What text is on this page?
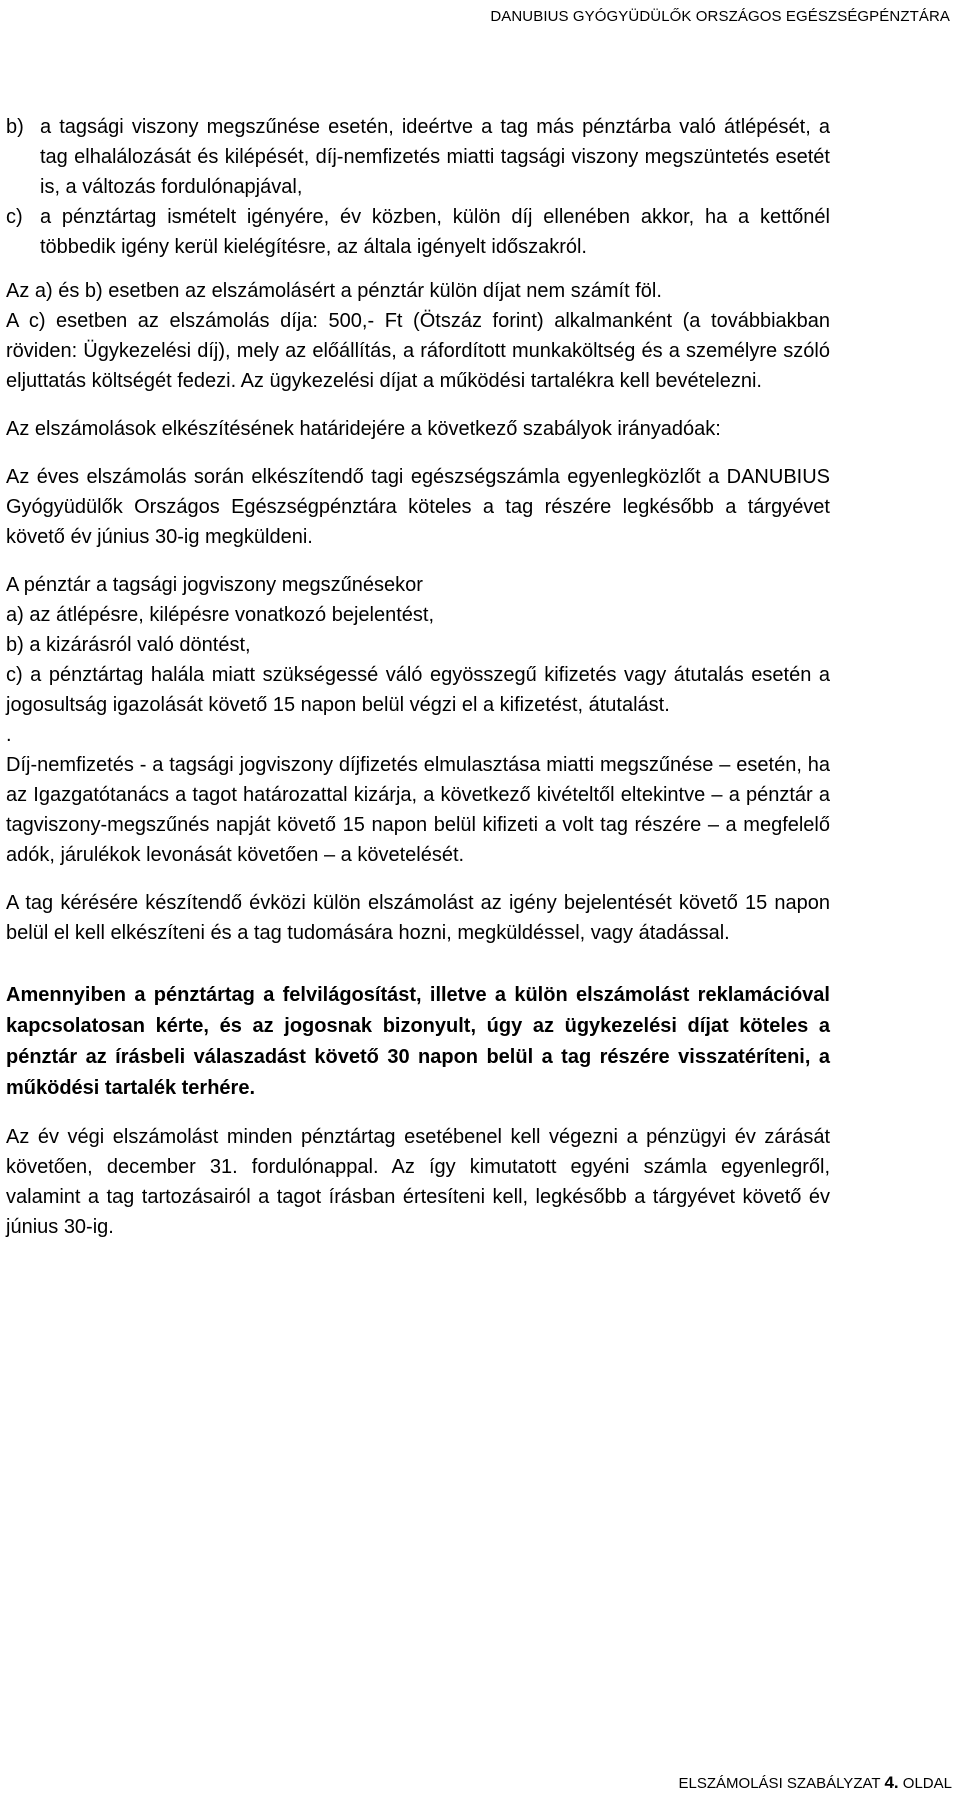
DANUBIUS GYÓGYÜDÜLŐK ORSZÁGOS EGÉSZSÉGPÉNZTÁRA
b) a tagsági viszony megszűnése esetén, ideértve a tag más pénztárba való átlépését, a tag elhalálozását és kilépését, díj-nemfizetés miatti tagsági viszony megszüntetés esetét is, a változás fordulónapjával,
c) a pénztártag ismételt igényére, év közben, külön díj ellenében akkor, ha a kettőnél többedik igény kerül kielégítésre, az általa igényelt időszakról.

Az a) és b) esetben az elszámolásért a pénztár külön díjat nem számít föl.

A c) esetben az elszámolás díja: 500,- Ft (Ötszáz forint) alkalmanként (a továbbiakban röviden: Ügykezelési díj), mely az előállítás, a ráfordított munkaköltség és a személyre szóló eljuttatás költségét fedezi. Az ügykezelési díjat a működési tartalékra kell bevételezni.

Az elszámolások elkészítésének határidejére a következő szabályok irányadóak:

Az éves elszámolás során elkészítendő tagi egészségszámla egyenlegközlőt a DANUBIUS Gyógyüdülők Országos Egészségpénztára köteles a tag részére legkésőbb a tárgyévet követő év június 30-ig megküldeni.

A pénztár a tagsági jogviszony megszűnésekor

a) az átlépésre, kilépésre vonatkozó bejelentést,

b) a kizárásról való döntést,

c) a pénztártag halála miatt szükségessé váló egyösszegű kifizetés vagy átutalás esetén a jogosultság igazolását követő 15 napon belül végzi el a kifizetést, átutalást.

.

Díj-nemfizetés - a tagsági jogviszony díjfizetés elmulasztása miatti megszűnése – esetén, ha az Igazgatótanács a tagot határozattal kizárja, a következő kivételtől eltekintve – a pénztár a tagviszony-megszűnés napját követő 15 napon belül kifizeti a volt tag részére – a megfelelő adók, járulékok levonását követően – a követelését.

A tag kérésére készítendő évközi külön elszámolást az igény bejelentését követő 15 napon belül el kell elkészíteni és a tag tudomására hozni, megküldéssel, vagy átadással.

Amennyiben a pénztártag a felvilágosítást, illetve a külön elszámolást reklamációval kapcsolatosan kérte, és az jogosnak bizonyult, úgy az ügykezelési díjat köteles a pénztár az írásbeli válaszadást követő 30 napon belül a tag részére visszatéríteni, a működési tartalék terhére.

Az év végi elszámolást minden pénztártag esetébenel kell végezni a pénzügyi év zárását követően, december 31. fordulónappal. Az így kimutatott egyéni számla egyenlegről, valamint a tag tartozásairól a tagot írásban értesíteni kell, legkésőbb a tárgyévet követő év június 30-ig.

ELSZÁMOLÁSI SZABÁLYZAT 4. OLDAL
